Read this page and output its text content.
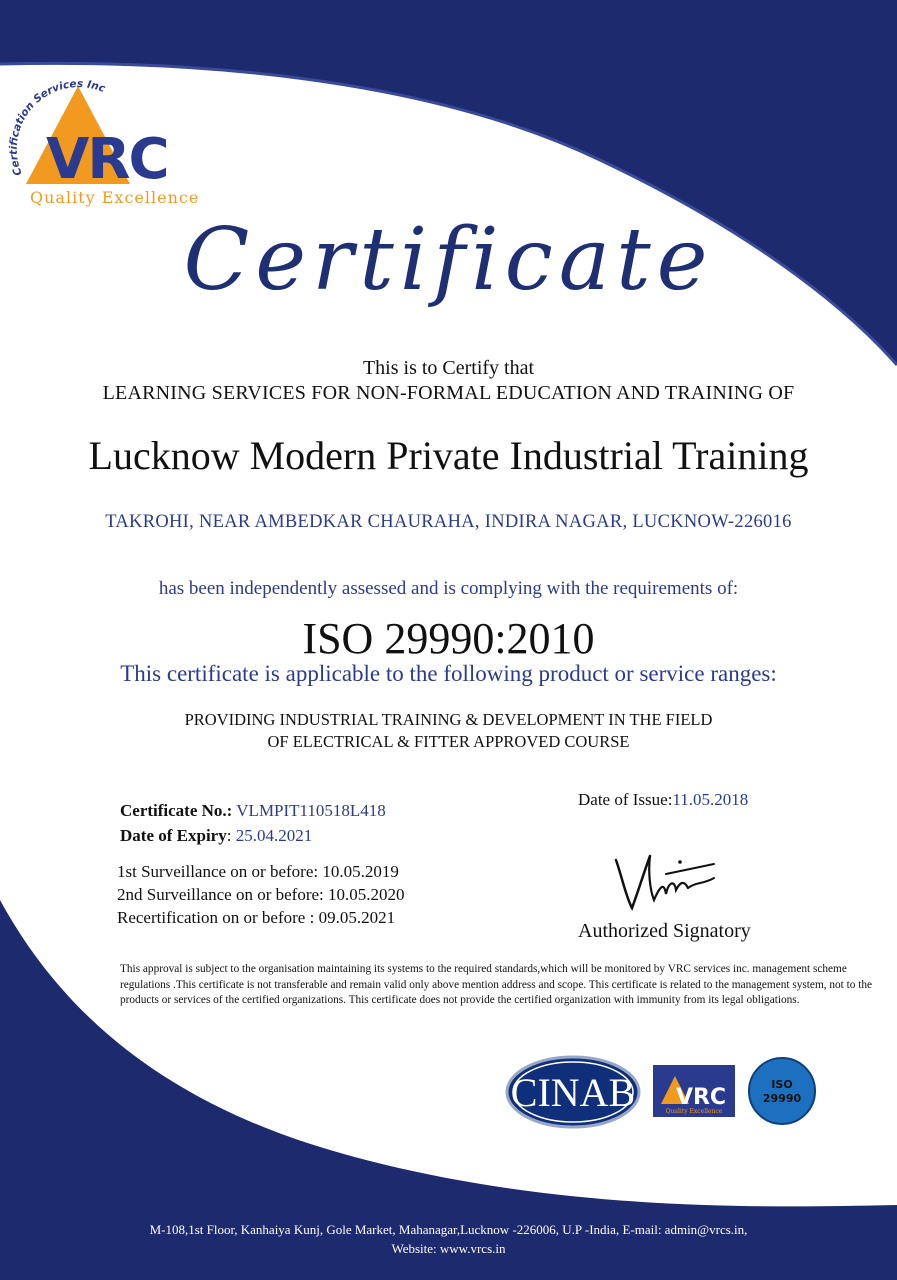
Certification Services Inc
VRC
Quality Excellence
Certificate
This is to Certify that
LEARNING SERVICES FOR NON-FORMAL EDUCATION AND TRAINING OF
Lucknow Modern Private Industrial Training
TAKROHI, NEAR AMBEDKAR CHAURAHA, INDIRA NAGAR, LUCKNOW-226016
has been independently assessed and is complying with the requirements of:
ISO 29990:2010
This certificate is applicable to the following product or service ranges:
PROVIDING INDUSTRIAL TRAINING & DEVELOPMENT IN THE FIELD
OF ELECTRICAL & FITTER APPROVED COURSE
Certificate No.: VLMPIT110518L418
Date of Expiry: 25.04.2021
1st Surveillance on or before: 10.05.2019
2nd Surveillance on or before: 10.05.2020
Recertification on or before : 09.05.2021
Date of Issue:11.05.2018
Authorized Signatory
This approval is subject to the organisation maintaining its systems to the required standards,which will be monitored by VRC services inc. management scheme regulations .This certificate is not transferable and remain valid only above mention address and scope. This certificate is related to the management system, not to the products or services of the certified organizations. This certificate does not provide the certified organization with immunity from its legal obligations.
CINAB VRC
Quality Excellence
ISO
29990
M-108,1st Floor, Kanhaiya Kunj, Gole Market, Mahanagar,Lucknow -226006, U.P -India, E-mail: admin@vrcs.in,
Website: www.vrcs.in
